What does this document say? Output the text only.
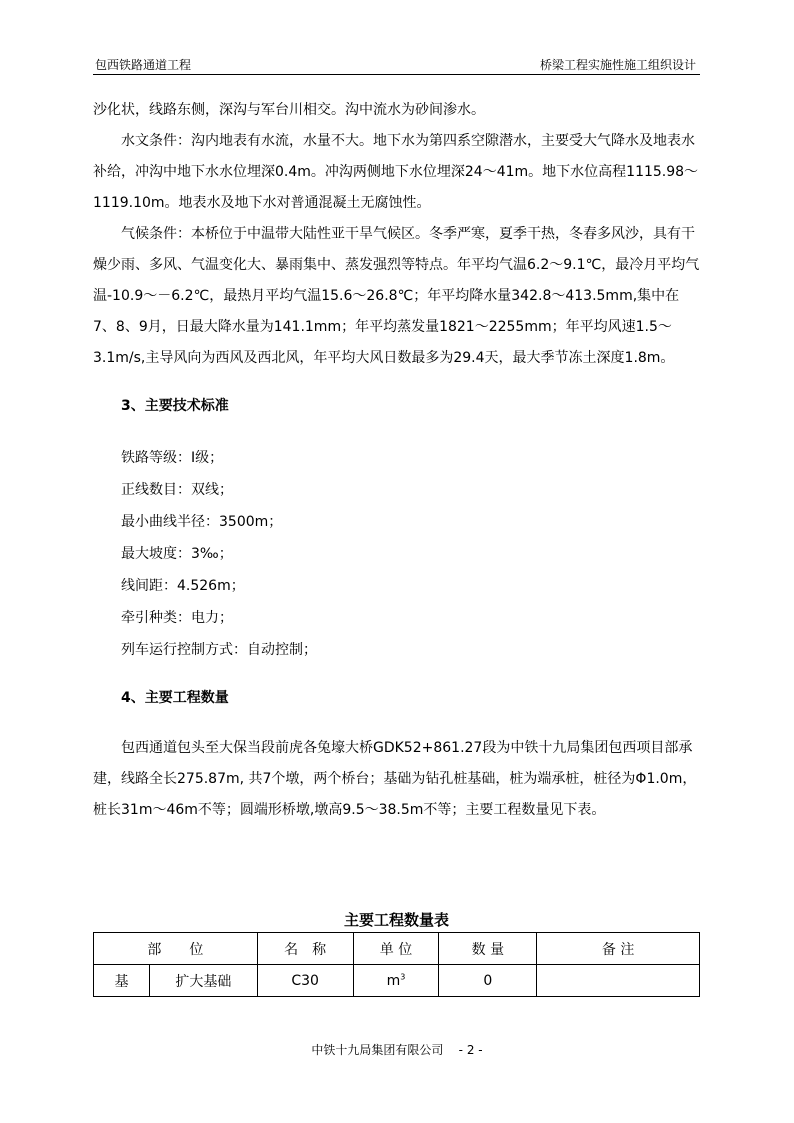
包西铁路通道工程	桥梁工程实施性施工组织设计

沙化状，线路东侧，深沟与军台川相交。沟中流水为砂间渗水。

水文条件：沟内地表有水流，水量不大。地下水为第四系空隙潜水，主要受大气降水及地表水补给，冲沟中地下水水位埋深0.4m。冲沟两侧地下水位埋深24～41m。地下水位高程1115.98～1119.10m。地表水及地下水对普通混凝土无腐蚀性。

气候条件：本桥位于中温带大陆性亚干旱气候区。冬季严寒，夏季干热，冬春多风沙，具有干燥少雨、多风、气温变化大、暴雨集中、蒸发强烈等特点。年平均气温6.2～9.1℃，最冷月平均气温-10.9～－6.2℃，最热月平均气温15.6～26.8℃；年平均降水量342.8～413.5mm,集中在7、8、9月，日最大降水量为141.1mm；年平均蒸发量1821～2255mm；年平均风速1.5～3.1m/s,主导风向为西风及西北风，年平均大风日数最多为29.4天，最大季节冻土深度1.8m。

3、主要技术标准

铁路等级：Ⅰ级；

正线数目：双线；

最小曲线半径：3500m；

最大坡度：3‰；

线间距：4.526m；

牵引种类：电力；

列车运行控制方式：自动控制；

4、主要工程数量

包西通道包头至大保当段前虎各兔壕大桥GDK52+861.27段为中铁十九局集团包西项目部承建，线路全长275.87m, 共7个墩，两个桥台；基础为钻孔桩基础，桩为端承桩，桩径为Φ1.0m，桩长31m～46m不等；圆端形桥墩,墩高9.5～38.5m不等；主要工程数量见下表。

主要工程数量表
部　　位		名　称	单 位	数 量	备 注
基	扩大基础	C30	$m^3$	0	
中铁十九局集团有限公司 - 2 -
